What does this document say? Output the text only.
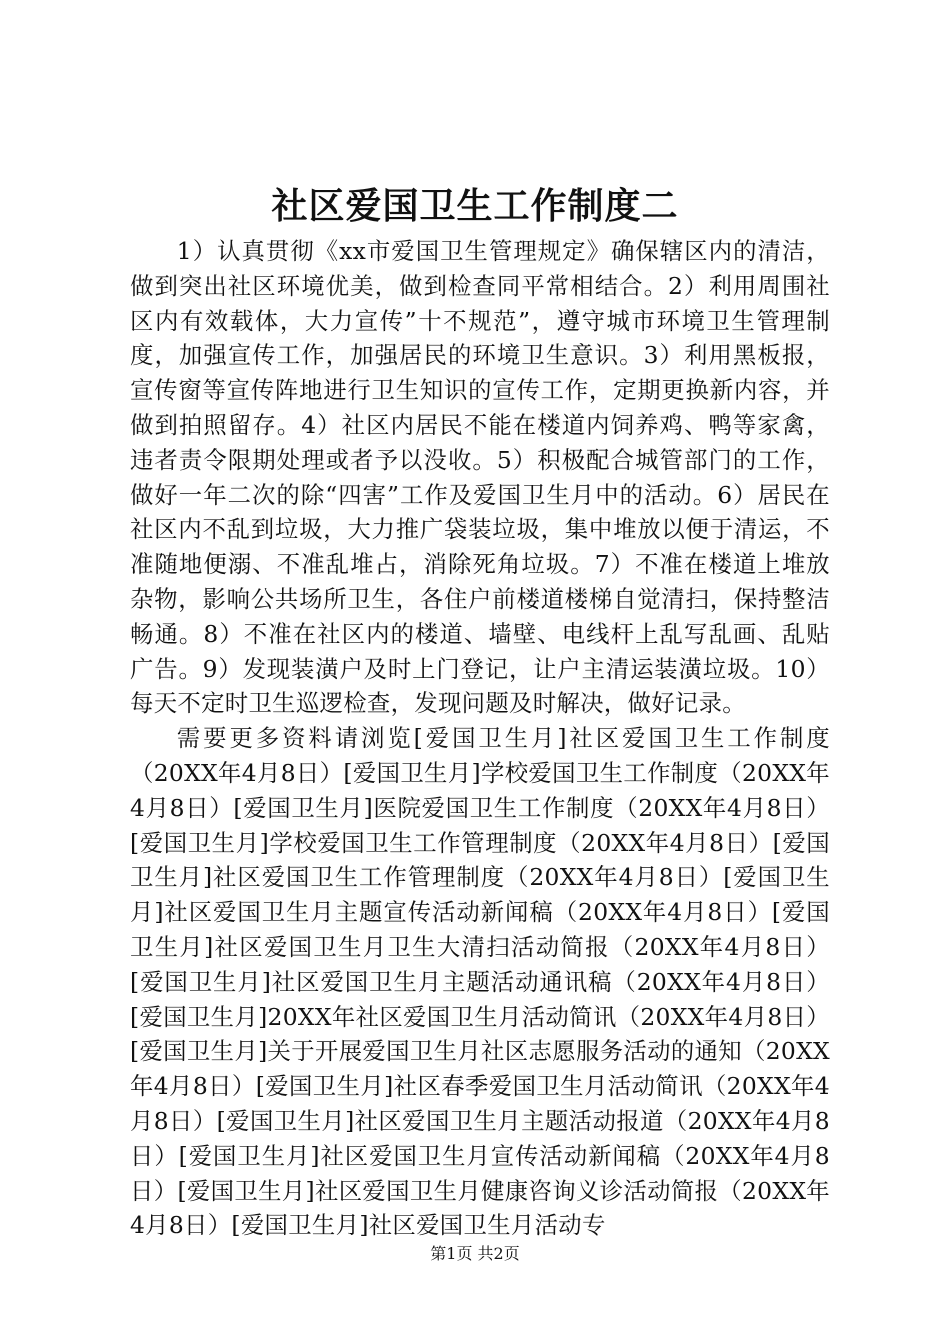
社区爱国卫生工作制度二

1）认真贯彻《xx市爱国卫生管理规定》确保辖区内的清洁，做到突出社区环境优美，做到检查同平常相结合。2）利用周围社区内有效载体，大力宣传”十不规范”，遵守城市环境卫生管理制度，加强宣传工作，加强居民的环境卫生意识。3）利用黑板报，宣传窗等宣传阵地进行卫生知识的宣传工作，定期更换新内容，并做到拍照留存。4）社区内居民不能在楼道内饲养鸡、鸭等家禽，违者责令限期处理或者予以没收。5）积极配合城管部门的工作，做好一年二次的除“四害”工作及爱国卫生月中的活动。6）居民在社区内不乱到垃圾，大力推广袋装垃圾，集中堆放以便于清运，不准随地便溺、不准乱堆占，消除死角垃圾。7）不准在楼道上堆放杂物，影响公共场所卫生，各住户前楼道楼梯自觉清扫，保持整洁畅通。8）不准在社区内的楼道、墙壁、电线杆上乱写乱画、乱贴广告。9）发现装潢户及时上门登记，让户主清运装潢垃圾。10）每天不定时卫生巡逻检查，发现问题及时解决，做好记录。

需要更多资料请浏览[爱国卫生月]社区爱国卫生工作制度（20XX年4月8日）[爱国卫生月]学校爱国卫生工作制度（20XX年4月8日）[爱国卫生月]医院爱国卫生工作制度（20XX年4月8日）[爱国卫生月]学校爱国卫生工作管理制度（20XX年4月8日）[爱国卫生月]社区爱国卫生工作管理制度（20XX年4月8日）[爱国卫生月]社区爱国卫生月主题宣传活动新闻稿（20XX年4月8日）[爱国卫生月]社区爱国卫生月卫生大清扫活动简报（20XX年4月8日）[爱国卫生月]社区爱国卫生月主题活动通讯稿（20XX年4月8日）[爱国卫生月]20XX年社区爱国卫生月活动简讯（20XX年4月8日）[爱国卫生月]关于开展爱国卫生月社区志愿服务活动的通知（20XX年4月8日）[爱国卫生月]社区春季爱国卫生月活动简讯（20XX年4月8日）[爱国卫生月]社区爱国卫生月主题活动报道（20XX年4月8日）[爱国卫生月]社区爱国卫生月宣传活动新闻稿（20XX年4月8日）[爱国卫生月]社区爱国卫生月健康咨询义诊活动简报（20XX年4月8日）[爱国卫生月]社区爱国卫生月活动专

第1页 共2页
